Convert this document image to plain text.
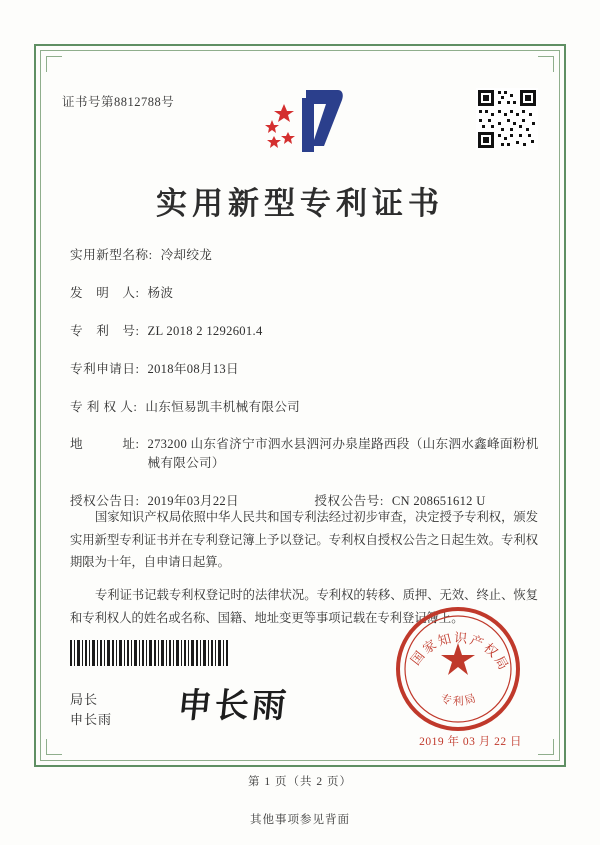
证书号第8812788号
实用新型专利证书
实用新型名称: 冷却绞龙
发　明　人: 杨波
专　利　号: ZL 2018 2 1292601.4
专利申请日: 2018年08月13日
专 利 权 人: 山东恒易凯丰机械有限公司
地　　　址: 273200 山东省济宁市泗水县泗河办泉崖路西段（山东泗水鑫峰面粉机械有限公司）
授权公告日: 2019年03月22日	授权公告号: CN 208651612 U

国家知识产权局依照中华人民共和国专利法经过初步审查，决定授予专利权，颁发实用新型专利证书并在专利登记簿上予以登记。专利权自授权公告之日起生效。专利权期限为十年，自申请日起算。

专利证书记载专利权登记时的法律状况。专利权的转移、质押、无效、终止、恢复和专利权人的姓名或名称、国籍、地址变更等事项记载在专利登记簿上。

局长
申长雨 申长雨
国家知识产权局
专利局
2019 年 03 月 22 日
第 1 页（共 2 页）
其他事项参见背面
